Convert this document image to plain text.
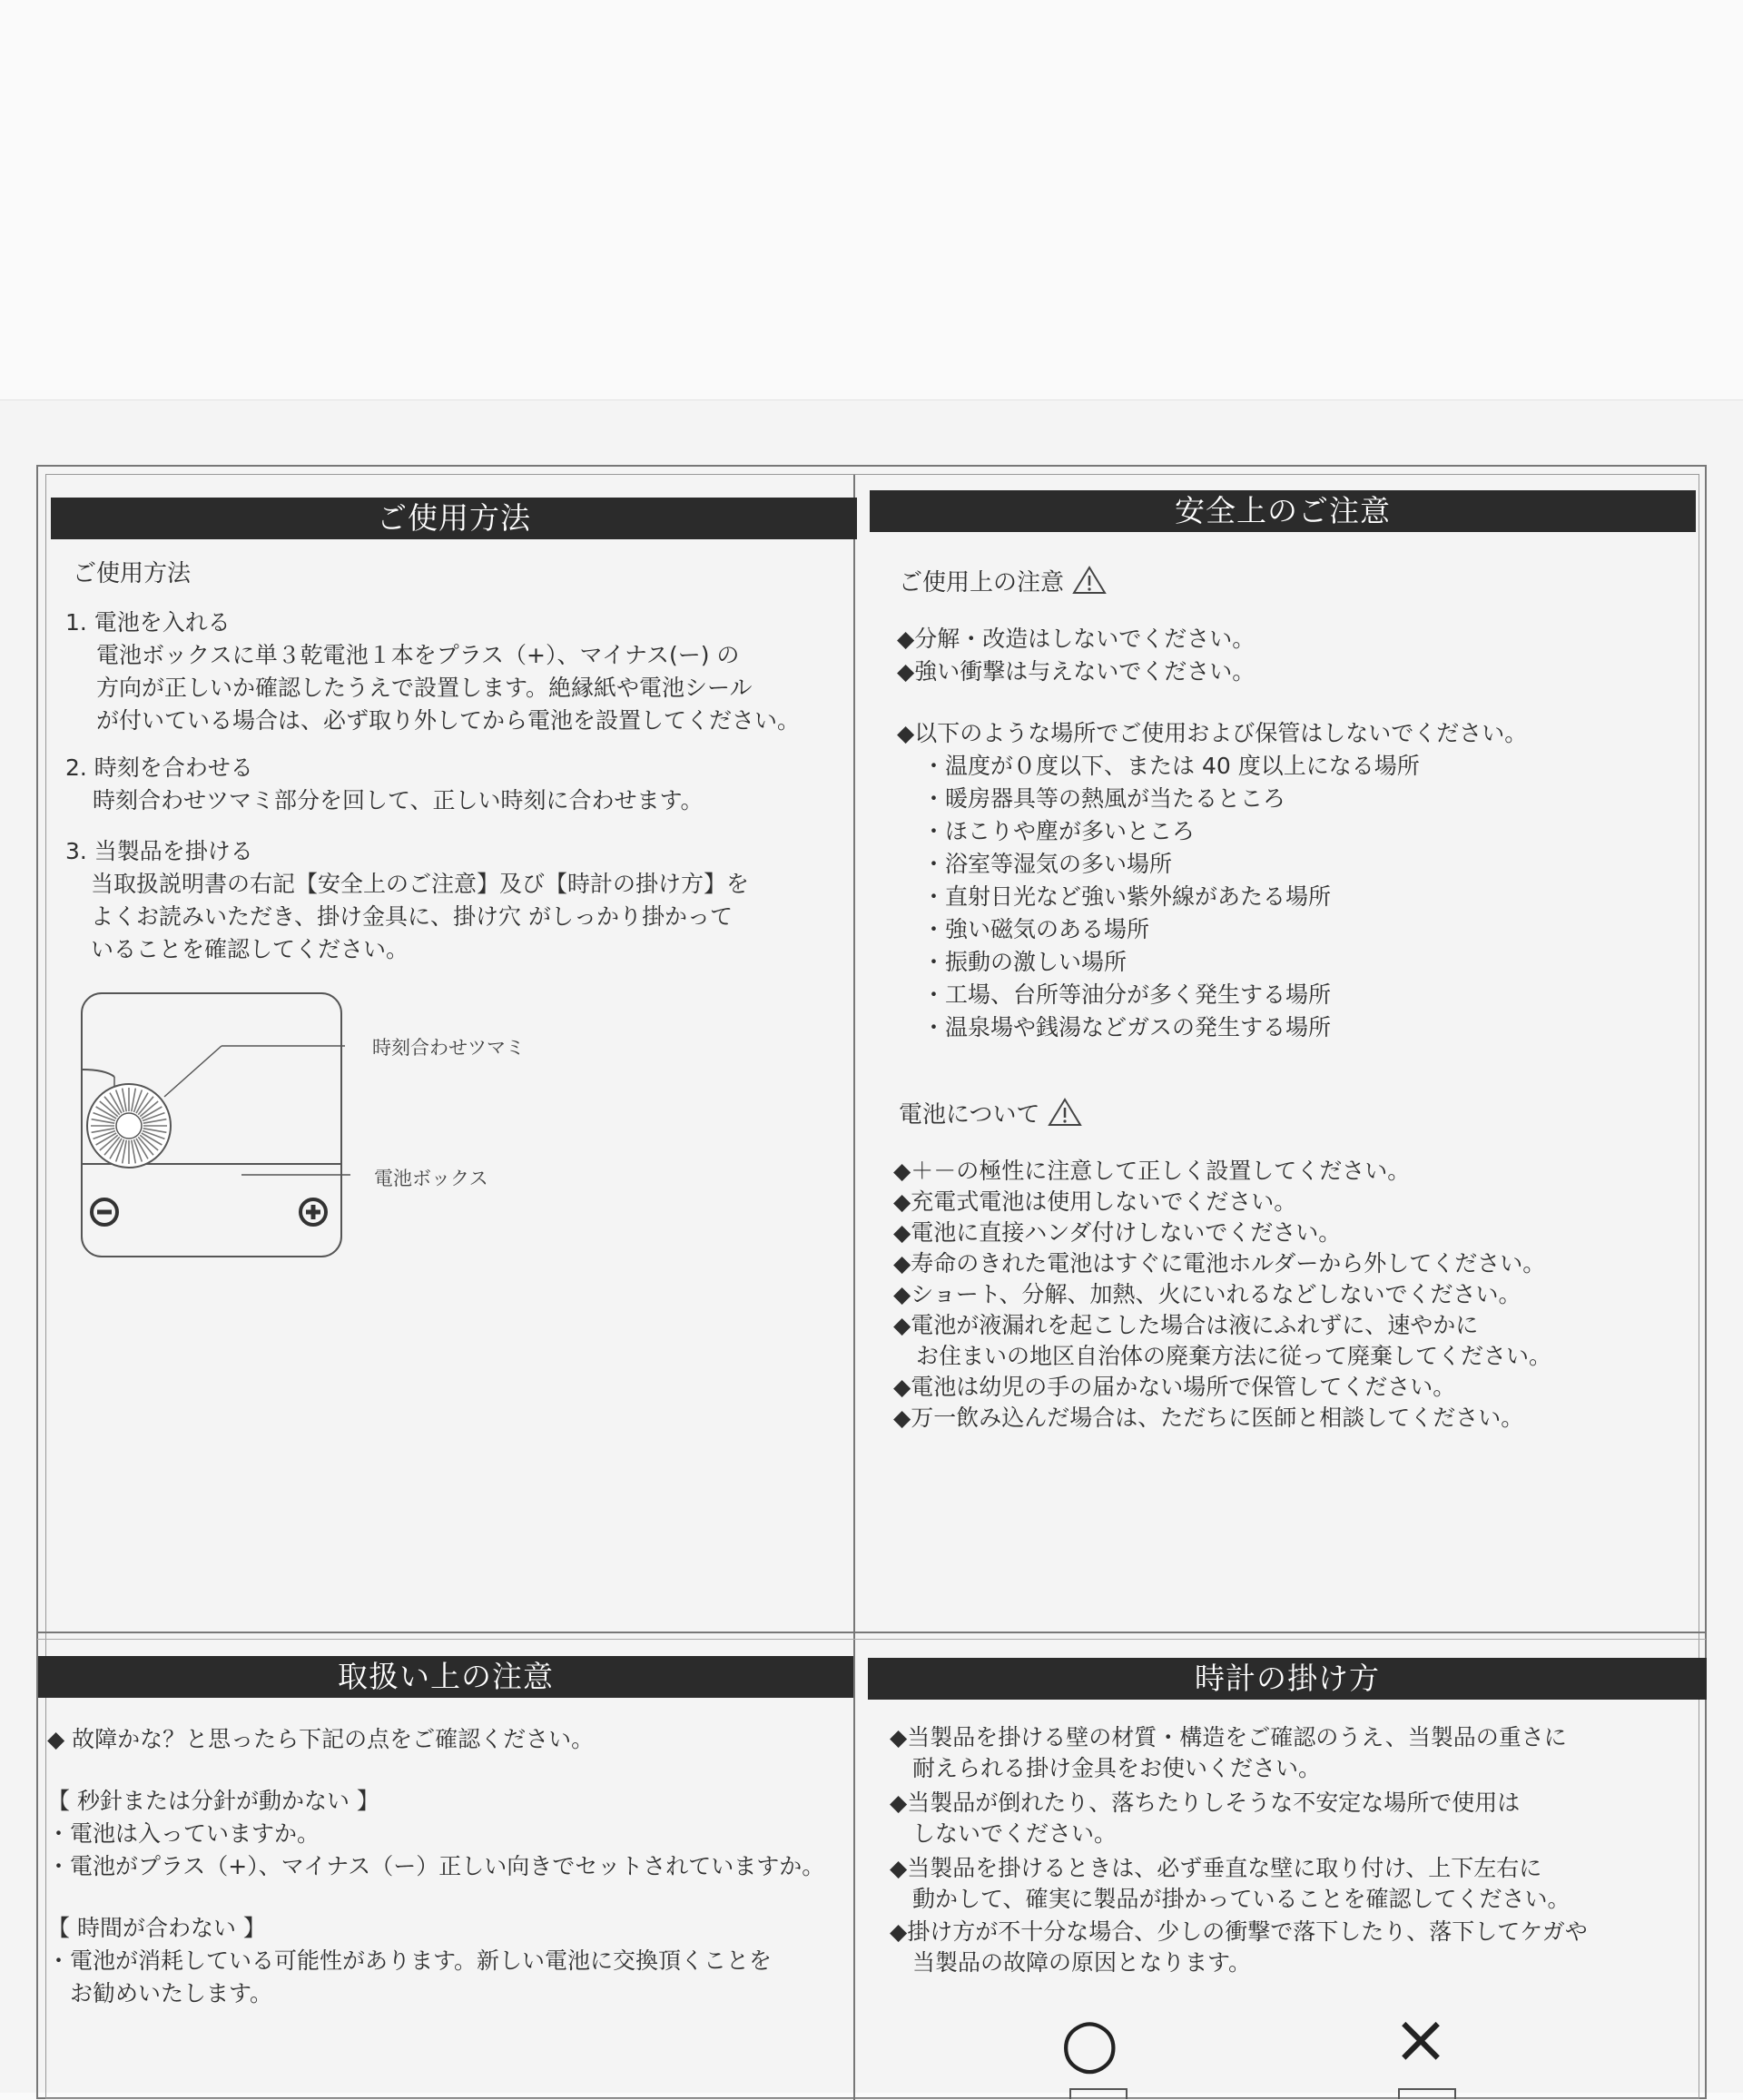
ご使用方法
ご使用方法
1. 電池を入れる
電池ボックスに単３乾電池１本をプラス（+）、マイナス(ー) の
方向が正しいか確認したうえで設置します。絶縁紙や電池シール
が付いている場合は、必ず取り外してから電池を設置してください。
2. 時刻を合わせる
時刻合わせツマミ部分を回して、正しい時刻に合わせます。
3. 当製品を掛ける
当取扱説明書の右記【安全上のご注意】及び【時計の掛け方】を
よくお読みいただき、掛け金具に、掛け穴 がしっかり掛かって
いることを確認してください。
時刻合わせツマミ
電池ボックス
安全上のご注意
ご使用上の注意
◆分解・改造はしないでください。
◆強い衝撃は与えないでください。
◆以下のような場所でご使用および保管はしないでください。
・温度が０度以下、または 40 度以上になる場所
・暖房器具等の熱風が当たるところ
・ほこりや塵が多いところ
・浴室等湿気の多い場所
・直射日光など強い紫外線があたる場所
・強い磁気のある場所
・振動の激しい場所
・工場、台所等油分が多く発生する場所
・温泉場や銭湯などガスの発生する場所
電池について
◆＋－の極性に注意して正しく設置してください。
◆充電式電池は使用しないでください。
◆電池に直接ハンダ付けしないでください。
◆寿命のきれた電池はすぐに電池ホルダーから外してください。
◆ショート、分解、加熱、火にいれるなどしないでください。
◆電池が液漏れを起こした場合は液にふれずに、速やかに
　お住まいの地区自治体の廃棄方法に従って廃棄してください。
◆電池は幼児の手の届かない場所で保管してください。
◆万一飲み込んだ場合は、ただちに医師と相談してください。
取扱い上の注意
◆ 故障かな？と思ったら下記の点をご確認ください。
【 秒針または分針が動かない 】
・電池は入っていますか。
・電池がプラス（+）、マイナス（ー）正しい向きでセットされていますか。
【 時間が合わない 】
・電池が消耗している可能性があります。新しい電池に交換頂くことを
　お勧めいたします。
時計の掛け方
◆当製品を掛ける壁の材質・構造をご確認のうえ、当製品の重さに
　耐えられる掛け金具をお使いください。
◆当製品が倒れたり、落ちたりしそうな不安定な場所で使用は
　しないでください。
◆当製品を掛けるときは、必ず垂直な壁に取り付け、上下左右に
　動かして、確実に製品が掛かっていることを確認してください。
◆掛け方が不十分な場合、少しの衝撃で落下したり、落下してケガや
　当製品の故障の原因となります。
○	×
